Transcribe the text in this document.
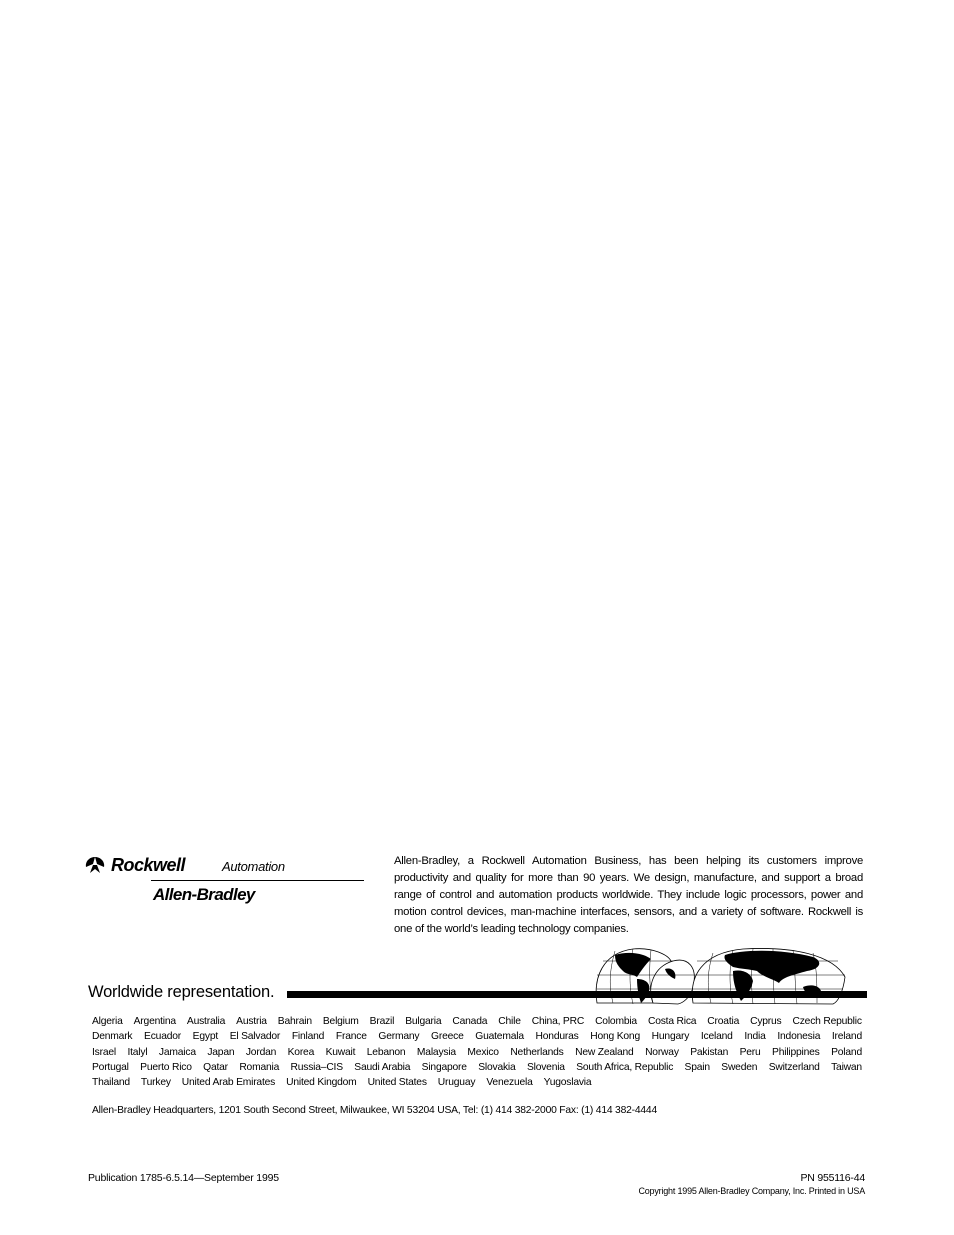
Rockwell	Automation
Allen-Bradley
Allen-Bradley, a Rockwell Automation Business, has been helping its customers improve productivity and quality for more than 90 years. We design, manufacture, and support a broad range of control and automation products worldwide. They include logic processors, power and motion control devices, man-machine interfaces, sensors, and a variety of software. Rockwell is one of the world’s leading technology companies.
Worldwide representation.
Algeria Argentina Australia Austria Bahrain Belgium Brazil Bulgaria Canada Chile China, PRC Colombia Costa Rica Croatia Cyprus Czech Republic
Denmark Ecuador Egypt El Salvador Finland France Germany Greece Guatemala Honduras Hong Kong Hungary Iceland India Indonesia Ireland
Israel Italyl Jamaica Japan Jordan Korea Kuwait Lebanon Malaysia Mexico Netherlands New Zealand Norway Pakistan Peru Philippines Poland
Portugal Puerto Rico Qatar Romania Russia–CIS Saudi Arabia Singapore Slovakia Slovenia South Africa, Republic Spain Sweden Switzerland Taiwan
Thailand Turkey United Arab Emirates United Kingdom United States Uruguay Venezuela Yugoslavia
Allen-Bradley Headquarters, 1201 South Second Street, Milwaukee, WI 53204 USA, Tel: (1) 414 382-2000 Fax: (1) 414 382-4444
Publication 1785-6.5.14—September 1995	PN 955116-44
Copyright 1995 Allen-Bradley Company, Inc. Printed in USA
